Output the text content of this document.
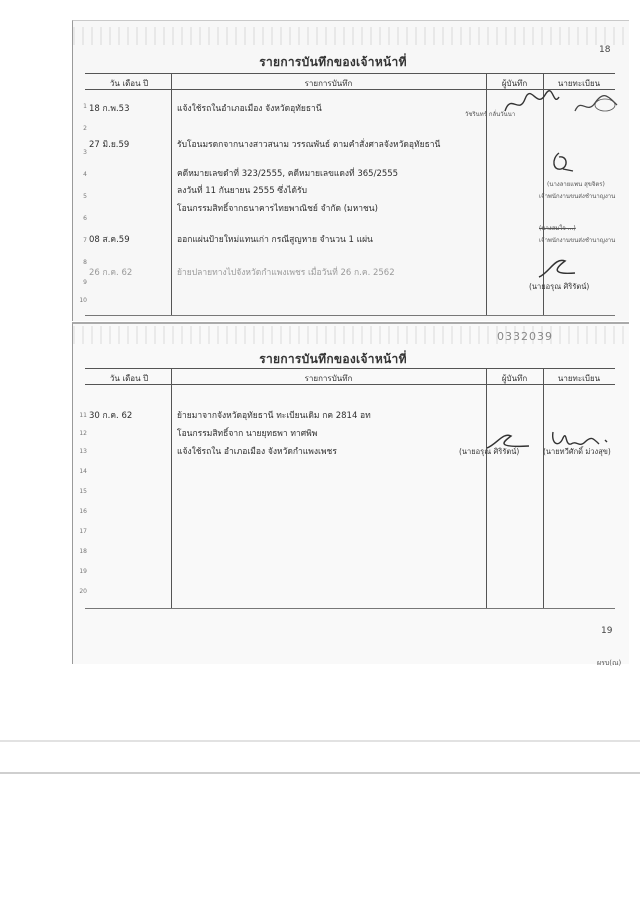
18
รายการบันทึกของเจ้าหน้าที่
วัน เดือน ปี	รายการบันทึก	ผู้บันทึก	นายทะเบียน
1
2
3
4
5
6
7
8
9
10
18 ก.พ.53	แจ้งใช้รถในอำเภอเมือง จังหวัดอุทัยธานี
27 มิ.ย.59	รับโอนมรดกจากนางสาวสนาม วรรณพันธ์ ตามคำสั่งศาลจังหวัดอุทัยธานี
คดีหมายเลขดำที่ 323/2555, คดีหมายเลขแดงที่ 365/2555
ลงวันที่ 11 กันยายน 2555 ซึ่งได้รับ
โอนกรรมสิทธิ์จากธนาคารไทยพาณิชย์ จำกัด (มหาชน)
08 ส.ค.59	ออกแผ่นป้ายใหม่แทนเก่า กรณีสูญหาย จำนวน 1 แผ่น
26 ก.ค. 62	ย้ายปลายทางไปจังหวัดกำแพงเพชร เมื่อวันที่ 26 ก.ค. 2562
วัชรินทร์ กลั่นวันนา
(นางลายแพน สุขจิตร)
เจ้าพนักงานขนส่งชำนาญงาน
(นางสมใจ ...)
เจ้าพนักงานขนส่งชำนาญงาน
(นายอรุณ ศิริรัตน์)
0332039
รายการบันทึกของเจ้าหน้าที่
วัน เดือน ปี	รายการบันทึก	ผู้บันทึก	นายทะเบียน
11
12
13
14
15
16
17
18
19
20
30 ก.ค. 62	ย้ายมาจากจังหวัดอุทัยธานี ทะเบียนเดิม กค 2814 อท
โอนกรรมสิทธิ์จาก นายยุทธพา ทาศพิพ
แจ้งใช้รถใน อำเภอเมือง จังหวัดกำแพงเพชร	(นายอรุณ ศิริรัตน์)	(นายทวีศักดิ์ ม่วงสุข)
19
ผรบ(ณ)
